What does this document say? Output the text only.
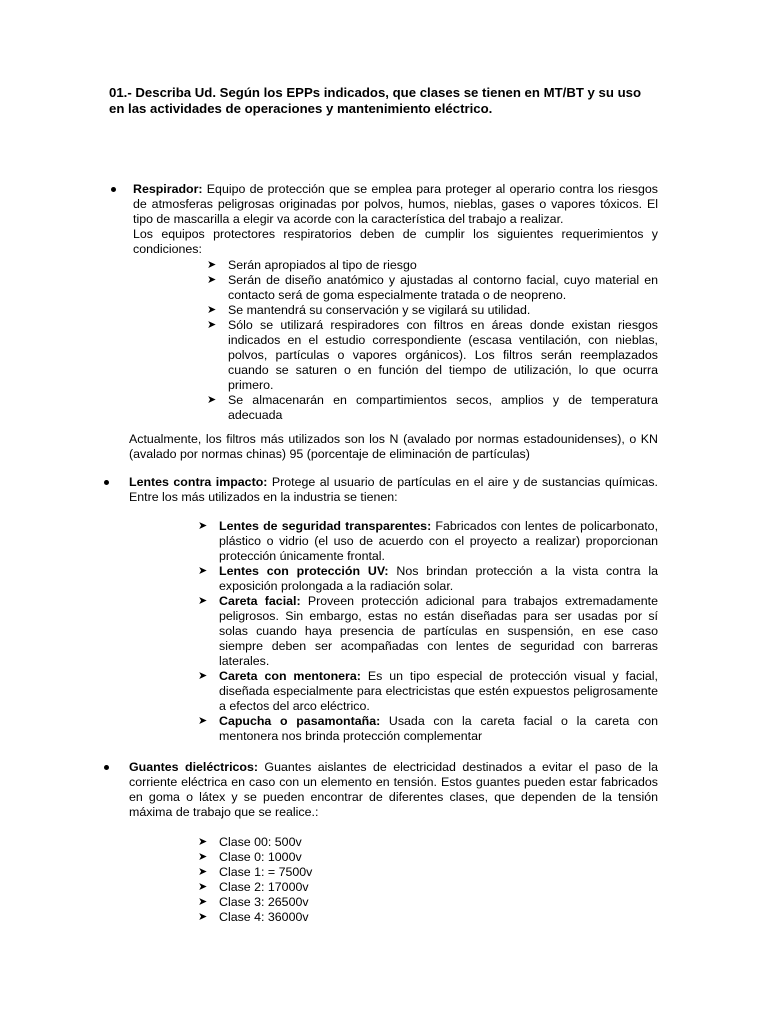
01.- Describa Ud. Según los EPPs indicados, que clases se tienen en MT/BT y su uso en las actividades de operaciones y mantenimiento eléctrico.

Respirador: Equipo de protección que se emplea para proteger al operario contra los riesgos de atmosferas peligrosas originadas por polvos, humos, nieblas, gases o vapores tóxicos. El tipo de mascarilla a elegir va acorde con la característica del trabajo a realizar.

Los equipos protectores respiratorios deben de cumplir los siguientes requerimientos y condiciones:

➤ Serán apropiados al tipo de riesgo
➤ Serán de diseño anatómico y ajustadas al contorno facial, cuyo material en contacto será de goma especialmente tratada o de neopreno.
➤ Se mantendrá su conservación y se vigilará su utilidad.
➤ Sólo se utilizará respiradores con filtros en áreas donde existan riesgos indicados en el estudio correspondiente (escasa ventilación, con nieblas, polvos, partículas o vapores orgánicos). Los filtros serán reemplazados cuando se saturen o en función del tiempo de utilización, lo que ocurra primero.
➤ Se almacenarán en compartimientos secos, amplios y de temperatura adecuada

Actualmente, los filtros más utilizados son los N (avalado por normas estadounidenses), o KN (avalado por normas chinas) 95 (porcentaje de eliminación de partículas)

Lentes contra impacto: Protege al usuario de partículas en el aire y de sustancias químicas. Entre los más utilizados en la industria se tienen:

➤ Lentes de seguridad transparentes: Fabricados con lentes de policarbonato, plástico o vidrio (el uso de acuerdo con el proyecto a realizar) proporcionan protección únicamente frontal.
➤ Lentes con protección UV: Nos brindan protección a la vista contra la exposición prolongada a la radiación solar.
➤ Careta facial: Proveen protección adicional para trabajos extremadamente peligrosos. Sin embargo, estas no están diseñadas para ser usadas por sí solas cuando haya presencia de partículas en suspensión, en ese caso siempre deben ser acompañadas con lentes de seguridad con barreras laterales.
➤ Careta con mentonera: Es un tipo especial de protección visual y facial, diseñada especialmente para electricistas que estén expuestos peligrosamente a efectos del arco eléctrico.
➤ Capucha o pasamontaña: Usada con la careta facial o la careta con mentonera nos brinda protección complementar

Guantes dieléctricos: Guantes aislantes de electricidad destinados a evitar el paso de la corriente eléctrica en caso con un elemento en tensión. Estos guantes pueden estar fabricados en goma o látex y se pueden encontrar de diferentes clases, que dependen de la tensión máxima de trabajo que se realice.:

➤ Clase 00: 500v
➤ Clase 0: 1000v
➤ Clase 1: = 7500v
➤ Clase 2: 17000v
➤ Clase 3: 26500v
➤ Clase 4: 36000v
